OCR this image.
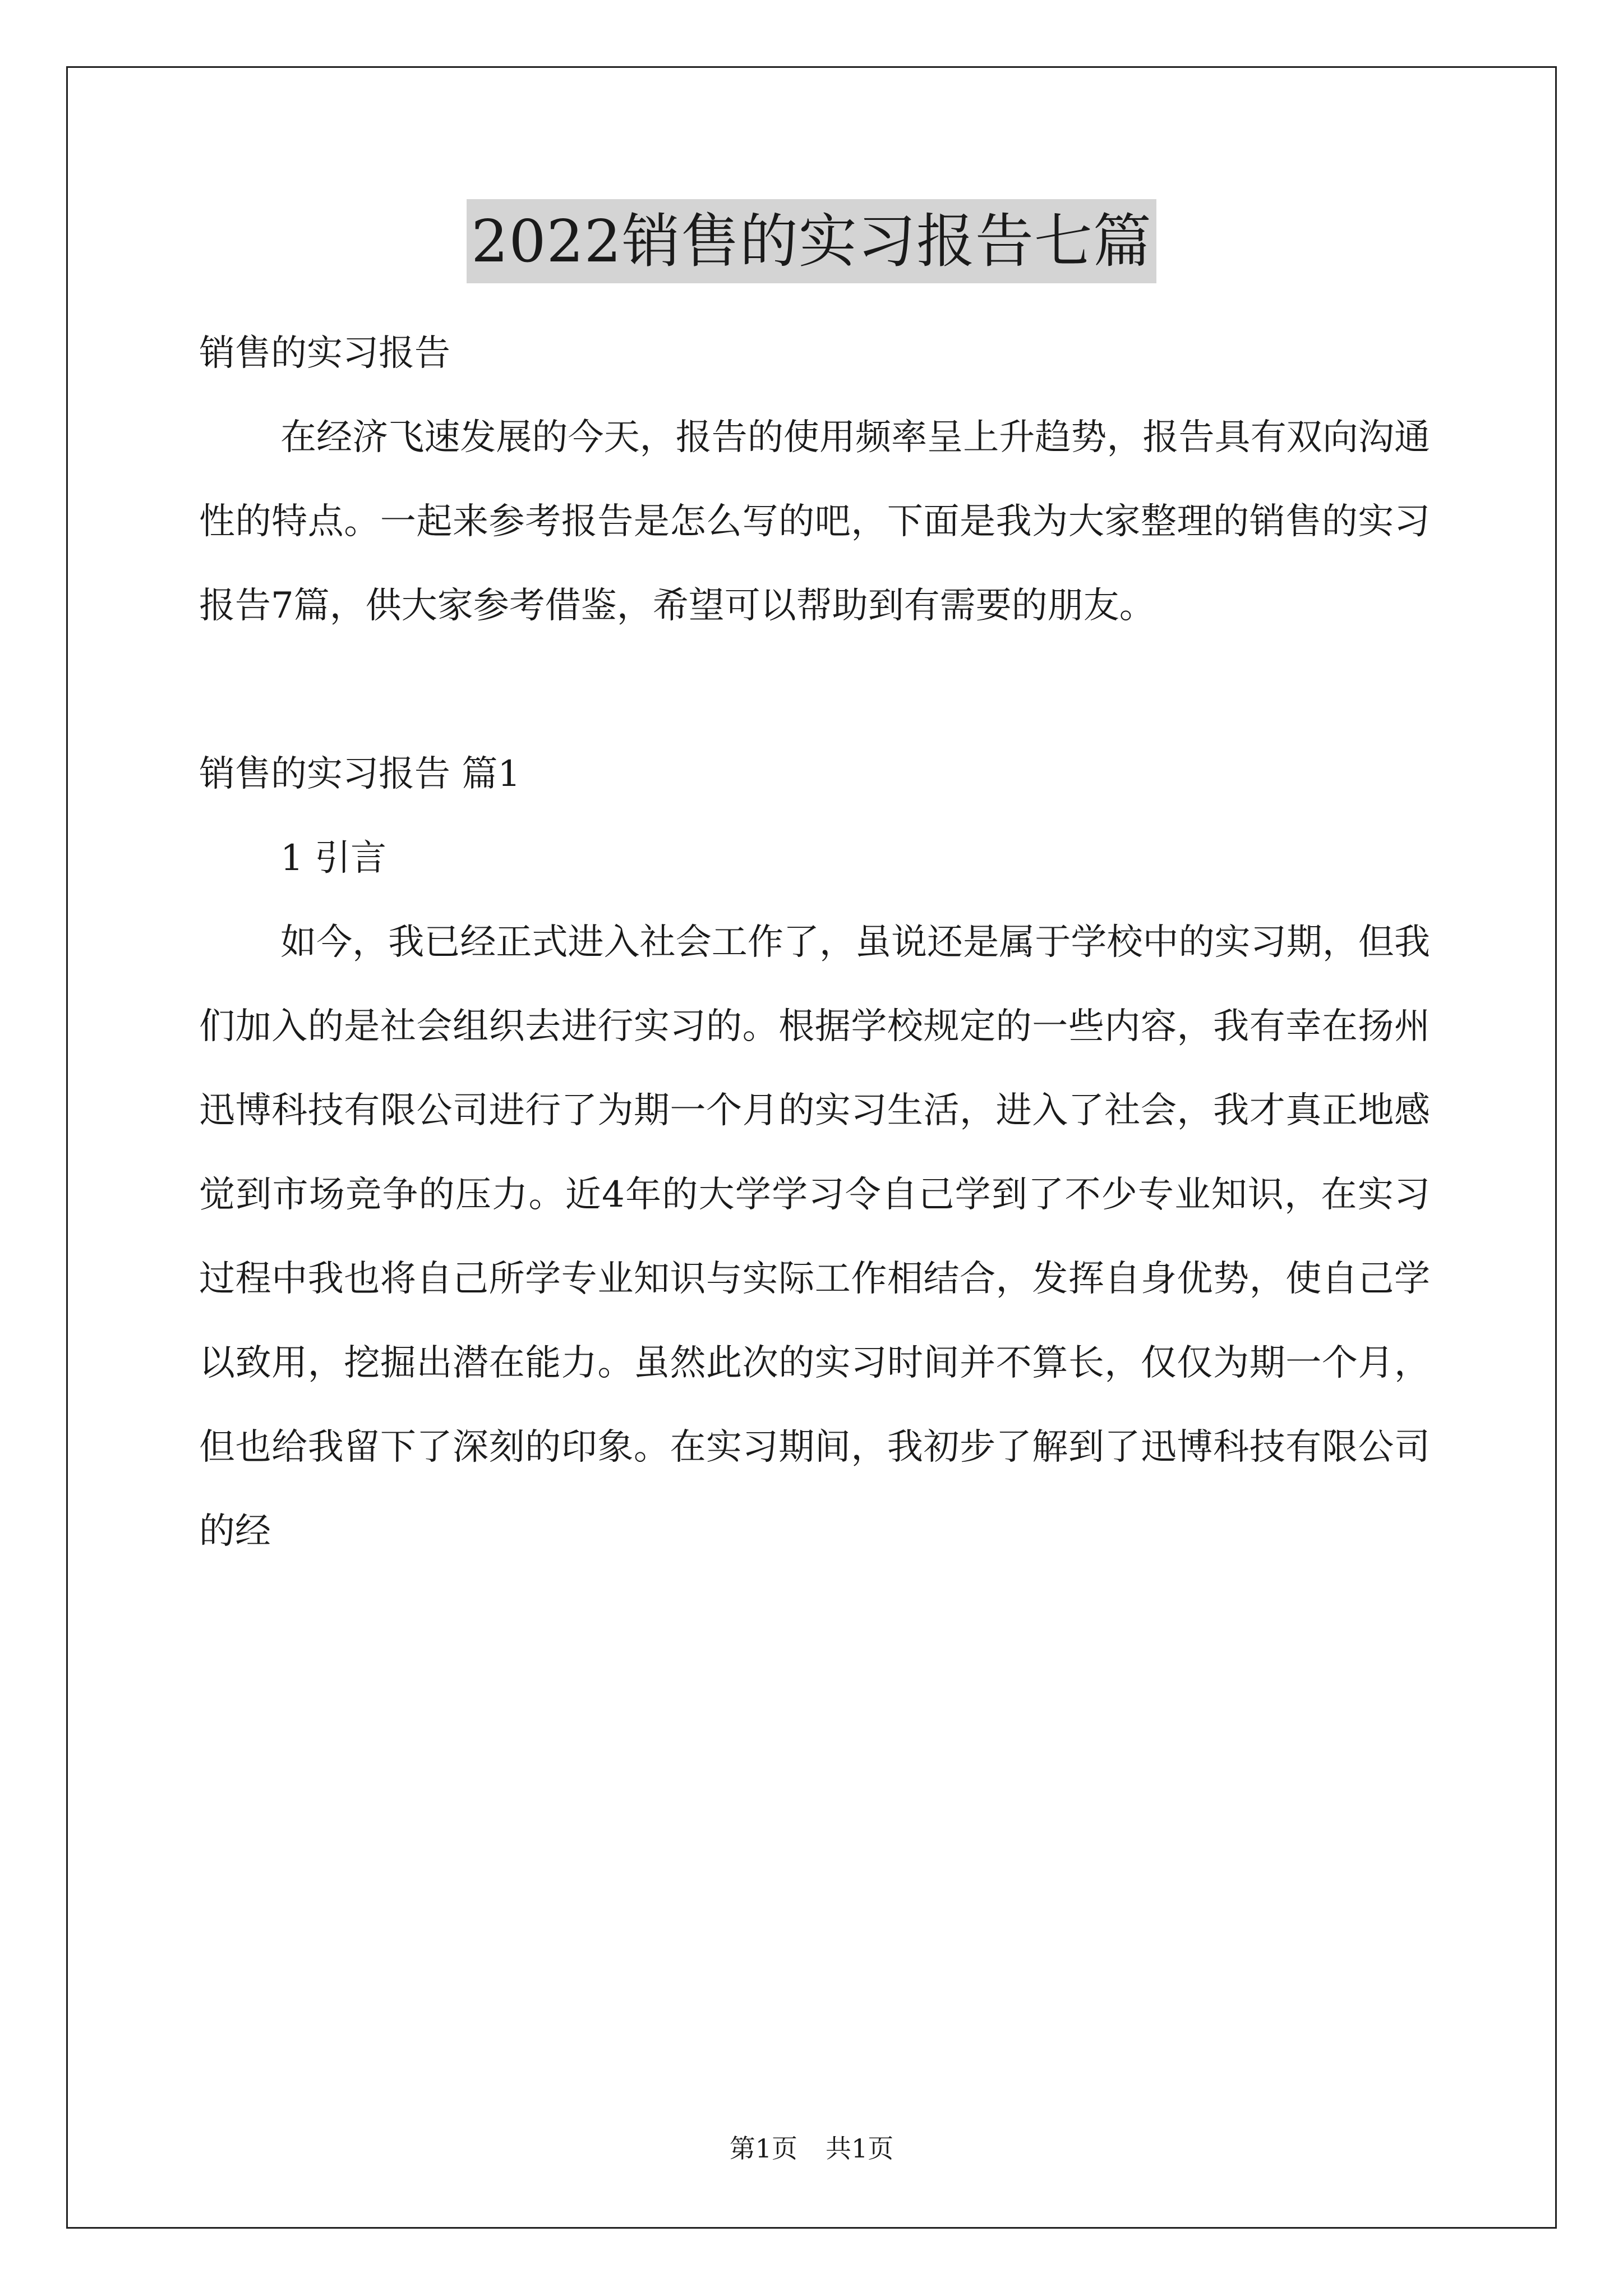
2022销售的实习报告七篇

销售的实习报告

在经济飞速发展的今天，报告的使用频率呈上升趋势，报告具有双向沟通性的特点。一起来参考报告是怎么写的吧，下面是我为大家整理的销售的实习报告7篇，供大家参考借鉴，希望可以帮助到有需要的朋友。

销售的实习报告 篇1

1 引言

如今，我已经正式进入社会工作了，虽说还是属于学校中的实习期，但我们加入的是社会组织去进行实习的。根据学校规定的一些内容，我有幸在扬州迅博科技有限公司进行了为期一个月的实习生活，进入了社会，我才真正地感觉到市场竞争的压力。近4年的大学学习令自己学到了不少专业知识，在实习过程中我也将自己所学专业知识与实际工作相结合，发挥自身优势，使自己学以致用，挖掘出潜在能力。虽然此次的实习时间并不算长，仅仅为期一个月，但也给我留下了深刻的印象。在实习期间，我初步了解到了迅博科技有限公司的经

第1页 共1页
